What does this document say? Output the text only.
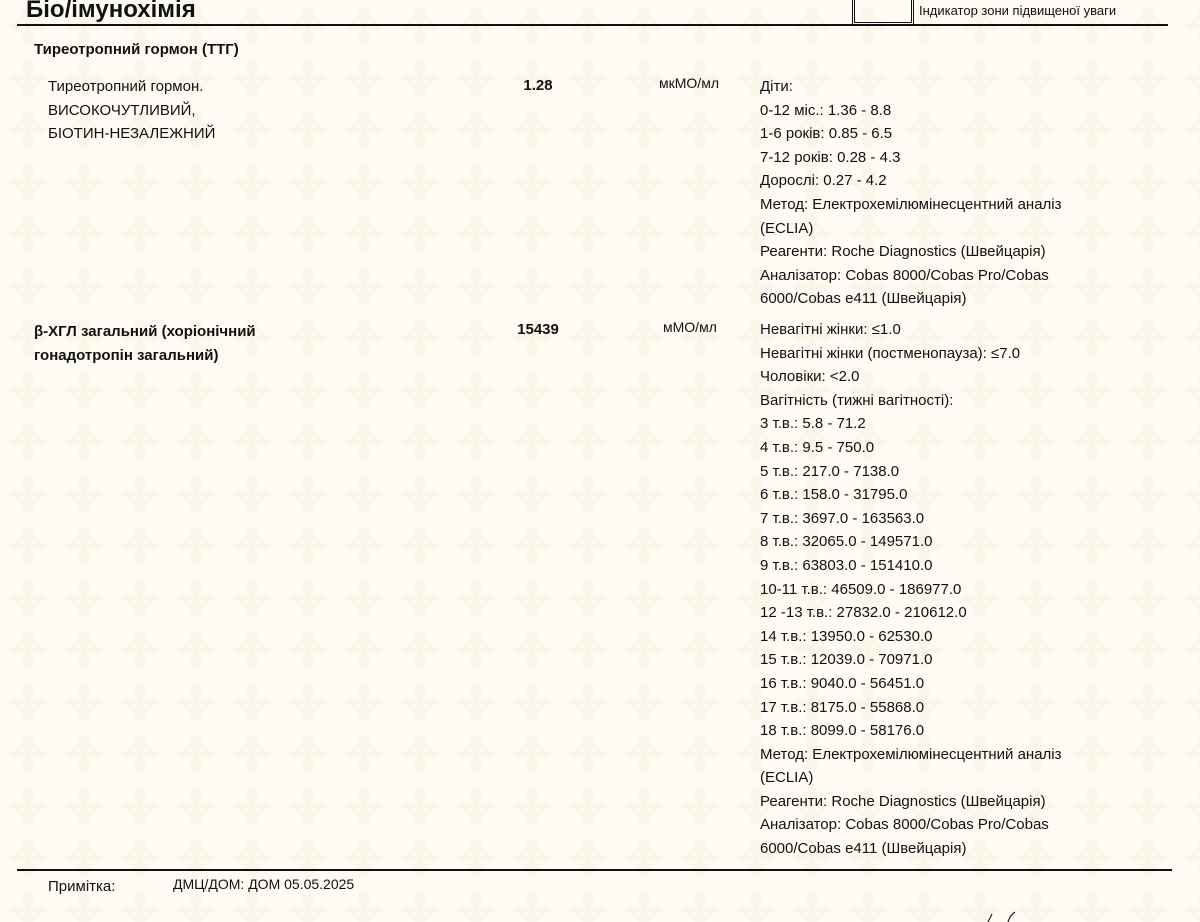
Біо/імунохімія	Індикатор зони підвищеної уваги
Тиреотропний гормон (ТТГ)
Тиреотропний гормон.
ВИСОКОЧУТЛИВИЙ,
БІОТИН-НЕЗАЛЕЖНИЙ
1.28	мкМО/мл	Діти:
0-12 міс.: 1.36 - 8.8
1-6 років: 0.85 - 6.5
7-12 років: 0.28 - 4.3
Дорослі: 0.27 - 4.2
Метод: Електрохемілюмінесцентний аналіз
(ECLIA)
Реагенти: Roche Diagnostics (Швейцарія)
Аналізатор: Cobas 8000/Cobas Pro/Cobas
6000/Cobas e411 (Швейцарія)
β-ХГЛ загальний (хоріонічний
гонадотропін загальний)
15439	мМО/мл	Невагітні жінки: ≤1.0
Невагітні жінки (постменопауза): ≤7.0
Чоловіки: <2.0
Вагітність (тижні вагітності):
3 т.в.: 5.8 - 71.2
4 т.в.: 9.5 - 750.0
5 т.в.: 217.0 - 7138.0
6 т.в.: 158.0 - 31795.0
7 т.в.: 3697.0 - 163563.0
8 т.в.: 32065.0 - 149571.0
9 т.в.: 63803.0 - 151410.0
10-11 т.в.: 46509.0 - 186977.0
12 -13 т.в.: 27832.0 - 210612.0
14 т.в.: 13950.0 - 62530.0
15 т.в.: 12039.0 - 70971.0
16 т.в.: 9040.0 - 56451.0
17 т.в.: 8175.0 - 55868.0
18 т.в.: 8099.0 - 58176.0
Метод: Електрохемілюмінесцентний аналіз
(ECLIA)
Реагенти: Roche Diagnostics (Швейцарія)
Аналізатор: Cobas 8000/Cobas Pro/Cobas
6000/Cobas e411 (Швейцарія)
Примітка:	ДМЦ/ДОМ: ДОМ 05.05.2025
